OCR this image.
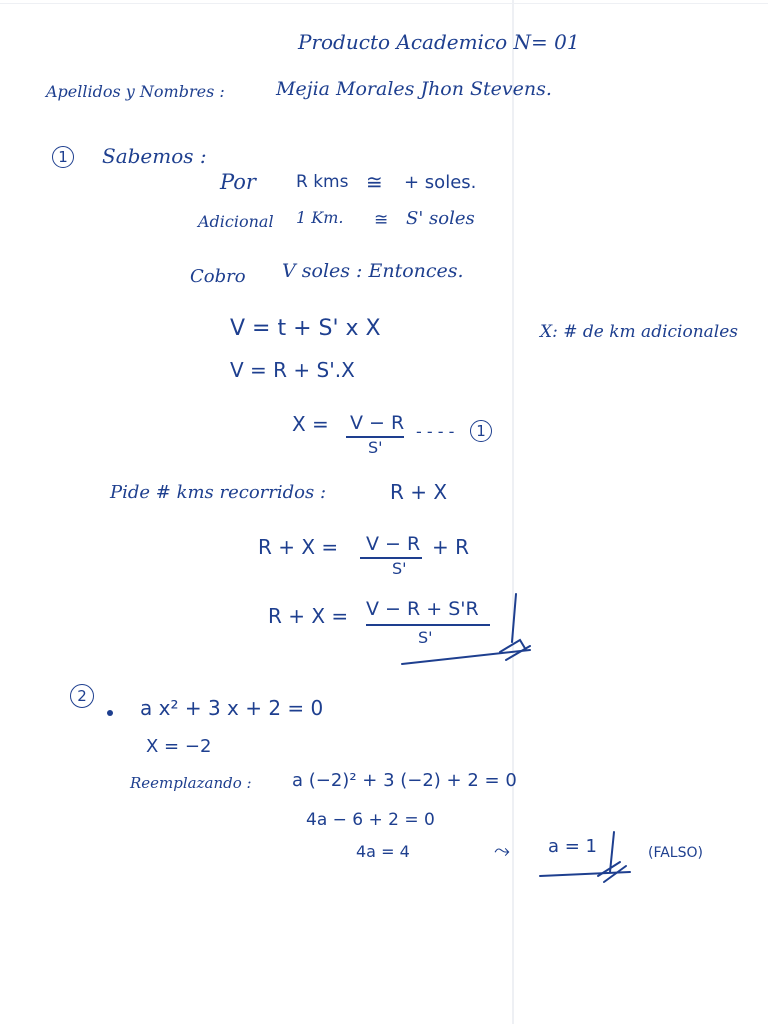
Producto Academico N= 01
Apellidos y Nombres :	Mejia Morales Jhon Stevens.
1	Sabemos :
Por R kms ≅ + soles.
Adicional 1 Km. ≅ S' soles
Cobro V soles : Entonces.
V = t + S' x X	X: # de km adicionales
V = R + S'.X
X = V − R
S'
- - - -	1
Pide # kms recorridos :	R + X
R + X = V − R
S'
+ R
R + X = V − R + S'R
S'
2	a x² + 3 x + 2 = 0
X = −2
Reemplazando : a (−2)² + 3 (−2) + 2 = 0
4a − 6 + 2 = 0
4a = 4	⤳ a = 1	(FALSO)
